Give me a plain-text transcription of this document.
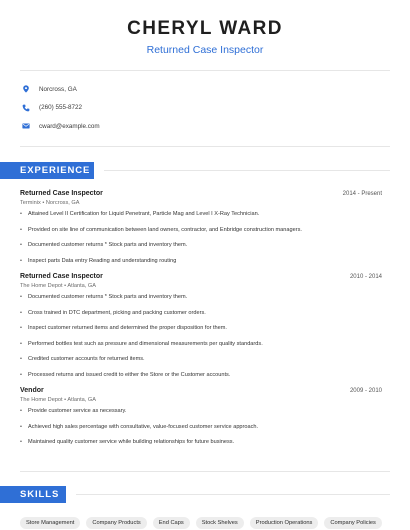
CHERYL WARD
Returned Case Inspector
Norcross, GA
(260) 555-8722
cward@example.com
EXPERIENCE
Returned Case Inspector	2014 - Present
Terminix • Norcross, GA
• Attained Level II Certification for Liquid Penetrant, Particle Mag and Level I X-Ray Technician.
• Provided on site line of communication between land owners, contractor, and Enbridge construction managers.
• Documented customer returns * Stock parts and inventory them.
• Inspect parts Data entry Reading and understanding routing
Returned Case Inspector	2010 - 2014
The Home Depot • Atlanta, GA
• Documented customer returns * Stock parts and inventory them.
• Cross trained in DTC department, picking and packing customer orders.
• Inspect customer returned items and determined the proper disposition for them.
• Performed bottles test such as pressure and dimensional measurements per quality standards.
• Credited customer accounts for returned items.
• Processed returns and issued credit to either the Store or the Customer accounts.
Vendor	2009 - 2010
The Home Depot • Atlanta, GA
• Provide customer service as necessary.
• Achieved high sales percentage with consultative, value-focused customer service approach.
• Maintained quality customer service while building relationships for future business.
SKILLS
Store Management	Company Products	End Caps	Stock Shelves	Production Operations	Company Policies
